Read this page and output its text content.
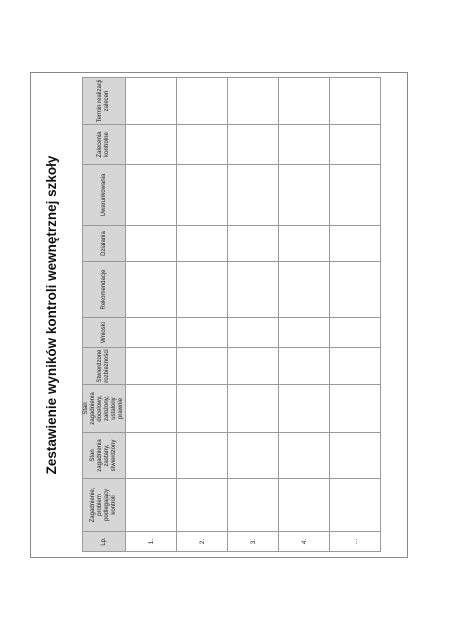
Zestawienie wyników kontroli wewnętrznej szkoły
Lp.	Zagadnienie, problem podlegający kontroli	Stan zagadnienia zastany, stwierdzony	Stan zagadnienia docelowy, założony, ustalony prawnie	Stwierdzone rozbieżności	Wnioski	Rekomendacje	Działania	Uwarunkowania	Zalecenia kontrolne	Termin realizacji zaleceń
1.										
2.										
3.										
4.										
...										
